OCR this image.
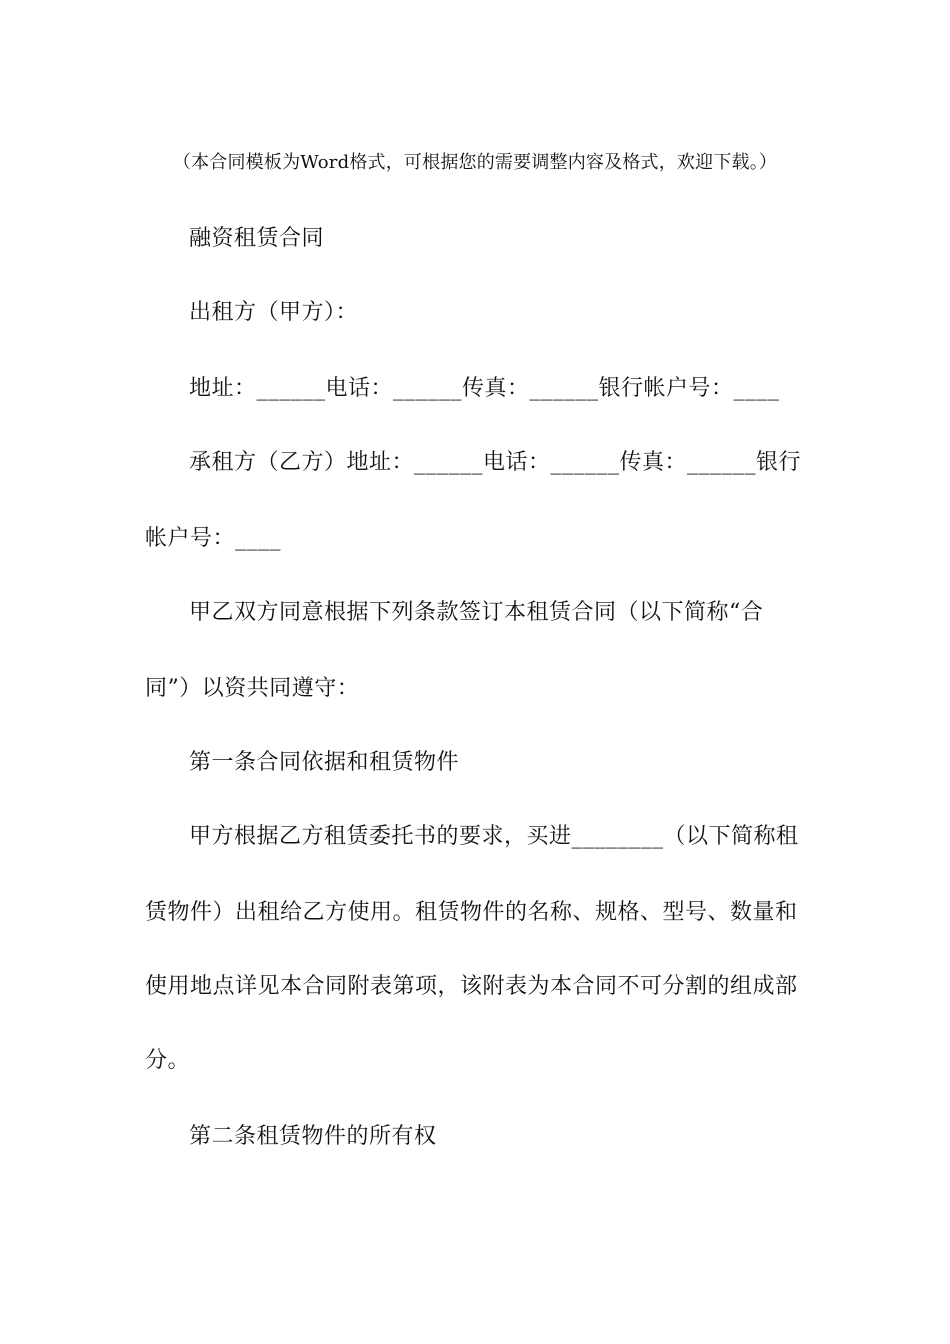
（本合同模板为Word格式，可根据您的需要调整内容及格式，欢迎下载。）
融资租赁合同
出租方（甲方）：
地址：______电话：______传真：______银行帐户号：____
承租方（乙方）地址：______电话：______传真：______银行
帐户号：____
甲乙双方同意根据下列条款签订本租赁合同（以下简称“合
同”）以资共同遵守：
第一条合同依据和租赁物件
甲方根据乙方租赁委托书的要求，买进________（以下简称租
赁物件）出租给乙方使用。租赁物件的名称、规格、型号、数量和
使用地点详见本合同附表第项，该附表为本合同不可分割的组成部
分。
第二条租赁物件的所有权
